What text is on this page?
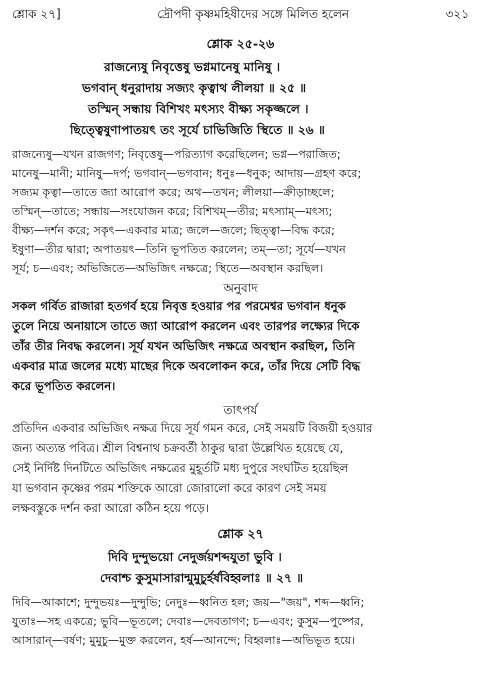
শ্লোক ২৭]	দ্রৌপদী কৃষ্ণমহিষীদের সঙ্গে মিলিত হলেন	৩২১
শ্লোক ২৫-২৬
রাজন্যেষু নিবৃত্তেষু ভগ্নমানেষু মানিষু ।
ভগবান্ ধনুরাদায় সজ্যং কৃত্বাথ লীলয়া ॥ ২৫ ॥
তস্মিন্ সন্ধায় বিশিখং মৎস্যং বীক্ষ্য সকৃজ্জলে ।
ছিত্ত্বেষুণাপাতয়ৎ তং সূর্যে চাভিজিতি স্থিতে ॥ ২৬ ॥
রাজন্যেষু—যখন রাজগণ; নিবৃত্তেষু—পরিত্যাগ করেছিলেন; ভগ্ন—পরাজিত;
মানেষু—মানী; মানিষু—দর্প; ভগবান্—ভগবান; ধনুঃ—ধনুক; আদায়—গ্রহণ করে;
সজ্যম কৃত্বা—তাতে জ্যা আরোপ করে; অথ—তখন; লীলয়া—ক্রীড়াচ্ছলে;
তস্মিন্—তাতে; সন্ধায়—সংযোজন করে; বিশিখম্—তীর; মৎস্যাম্—মৎস্য;
বীক্ষ্য—দর্শন করে; সকৃৎ—একবার মাত্র; জলে—জলে; ছিত্ত্বা—বিদ্ধ করে;
ইষুণা—তীর দ্বারা; অপাতয়ৎ—তিনি ভূপতিত করলেন; তম্—তা; সূর্যে—যখন
সূর্য; চ—এবং; অভিজিতে—অভিজিৎ নক্ষত্রে; স্থিতে—অবস্থান করছিল।
অনুবাদ
সকল গর্বিত রাজারা হতগর্ব হয়ে নিবৃত্ত হওয়ার পর পরমেশ্বর ভগবান ধনুক
তুলে নিয়ে অনায়াসে তাতে জ্যা আরোপ করলেন এবং তারপর লক্ষ্যের দিকে
তাঁর তীর নিবদ্ধ করলেন। সূর্য যখন অভিজিৎ নক্ষত্রে অবস্থান করছিল, তিনি
একবার মাত্র জলের মধ্যে মাছের দিকে অবলোকন করে, তাঁর দিয়ে সেটি বিদ্ধ
করে ভূপতিত করলেন।
তাৎপর্য
প্রতিদিন একবার অভিজিৎ নক্ষত্র দিয়ে সূর্য গমন করে, সেই সময়টি বিজয়ী হওয়ার
জন্য অত্যন্ত পবিত্র। শ্রীল বিশ্বনাথ চক্রবর্তী ঠাকুর দ্বারা উল্লেখিত হয়েছে যে,
সেই নির্দিষ্ট দিনটিতে অভিজিৎ নক্ষত্রের মুহূর্তটি মধ্য দুপুরে সংঘটিত হয়েছিল
যা ভগবান কৃষ্ণের পরম শক্তিকে আরো জোরালো করে কারণ সেই সময়
লক্ষবস্তুকে দর্শন করা আরো কঠিন হয়ে পড়ে।
শ্লোক ২৭
দিবি দুন্দুভয়ো নেদুর্জয়শব্দযুতা ভুবি ।
দেবাশ্চ কুসুমাসারান্মুমুচুর্হর্ষবিহ্বলাঃ ॥ ২৭ ॥
দিবি—আকাশে; দুন্দুভয়ঃ—দুন্দুভি; নেদুঃ—ধ্বনিত হল; জয়—"জয়", শব্দ—ধ্বনি;
যুতাঃ—সহ একত্রে; ভুবি—ভূতলে; দেবাঃ—দেবতাগণ; চ—এবং; কুসুম—পুষ্পের,
আসারান্—বর্ষণ; মুমুচু—মুক্ত করলেন, হর্ষ—আনন্দে; বিহ্বলাঃ—অভিভূত হয়ে।
